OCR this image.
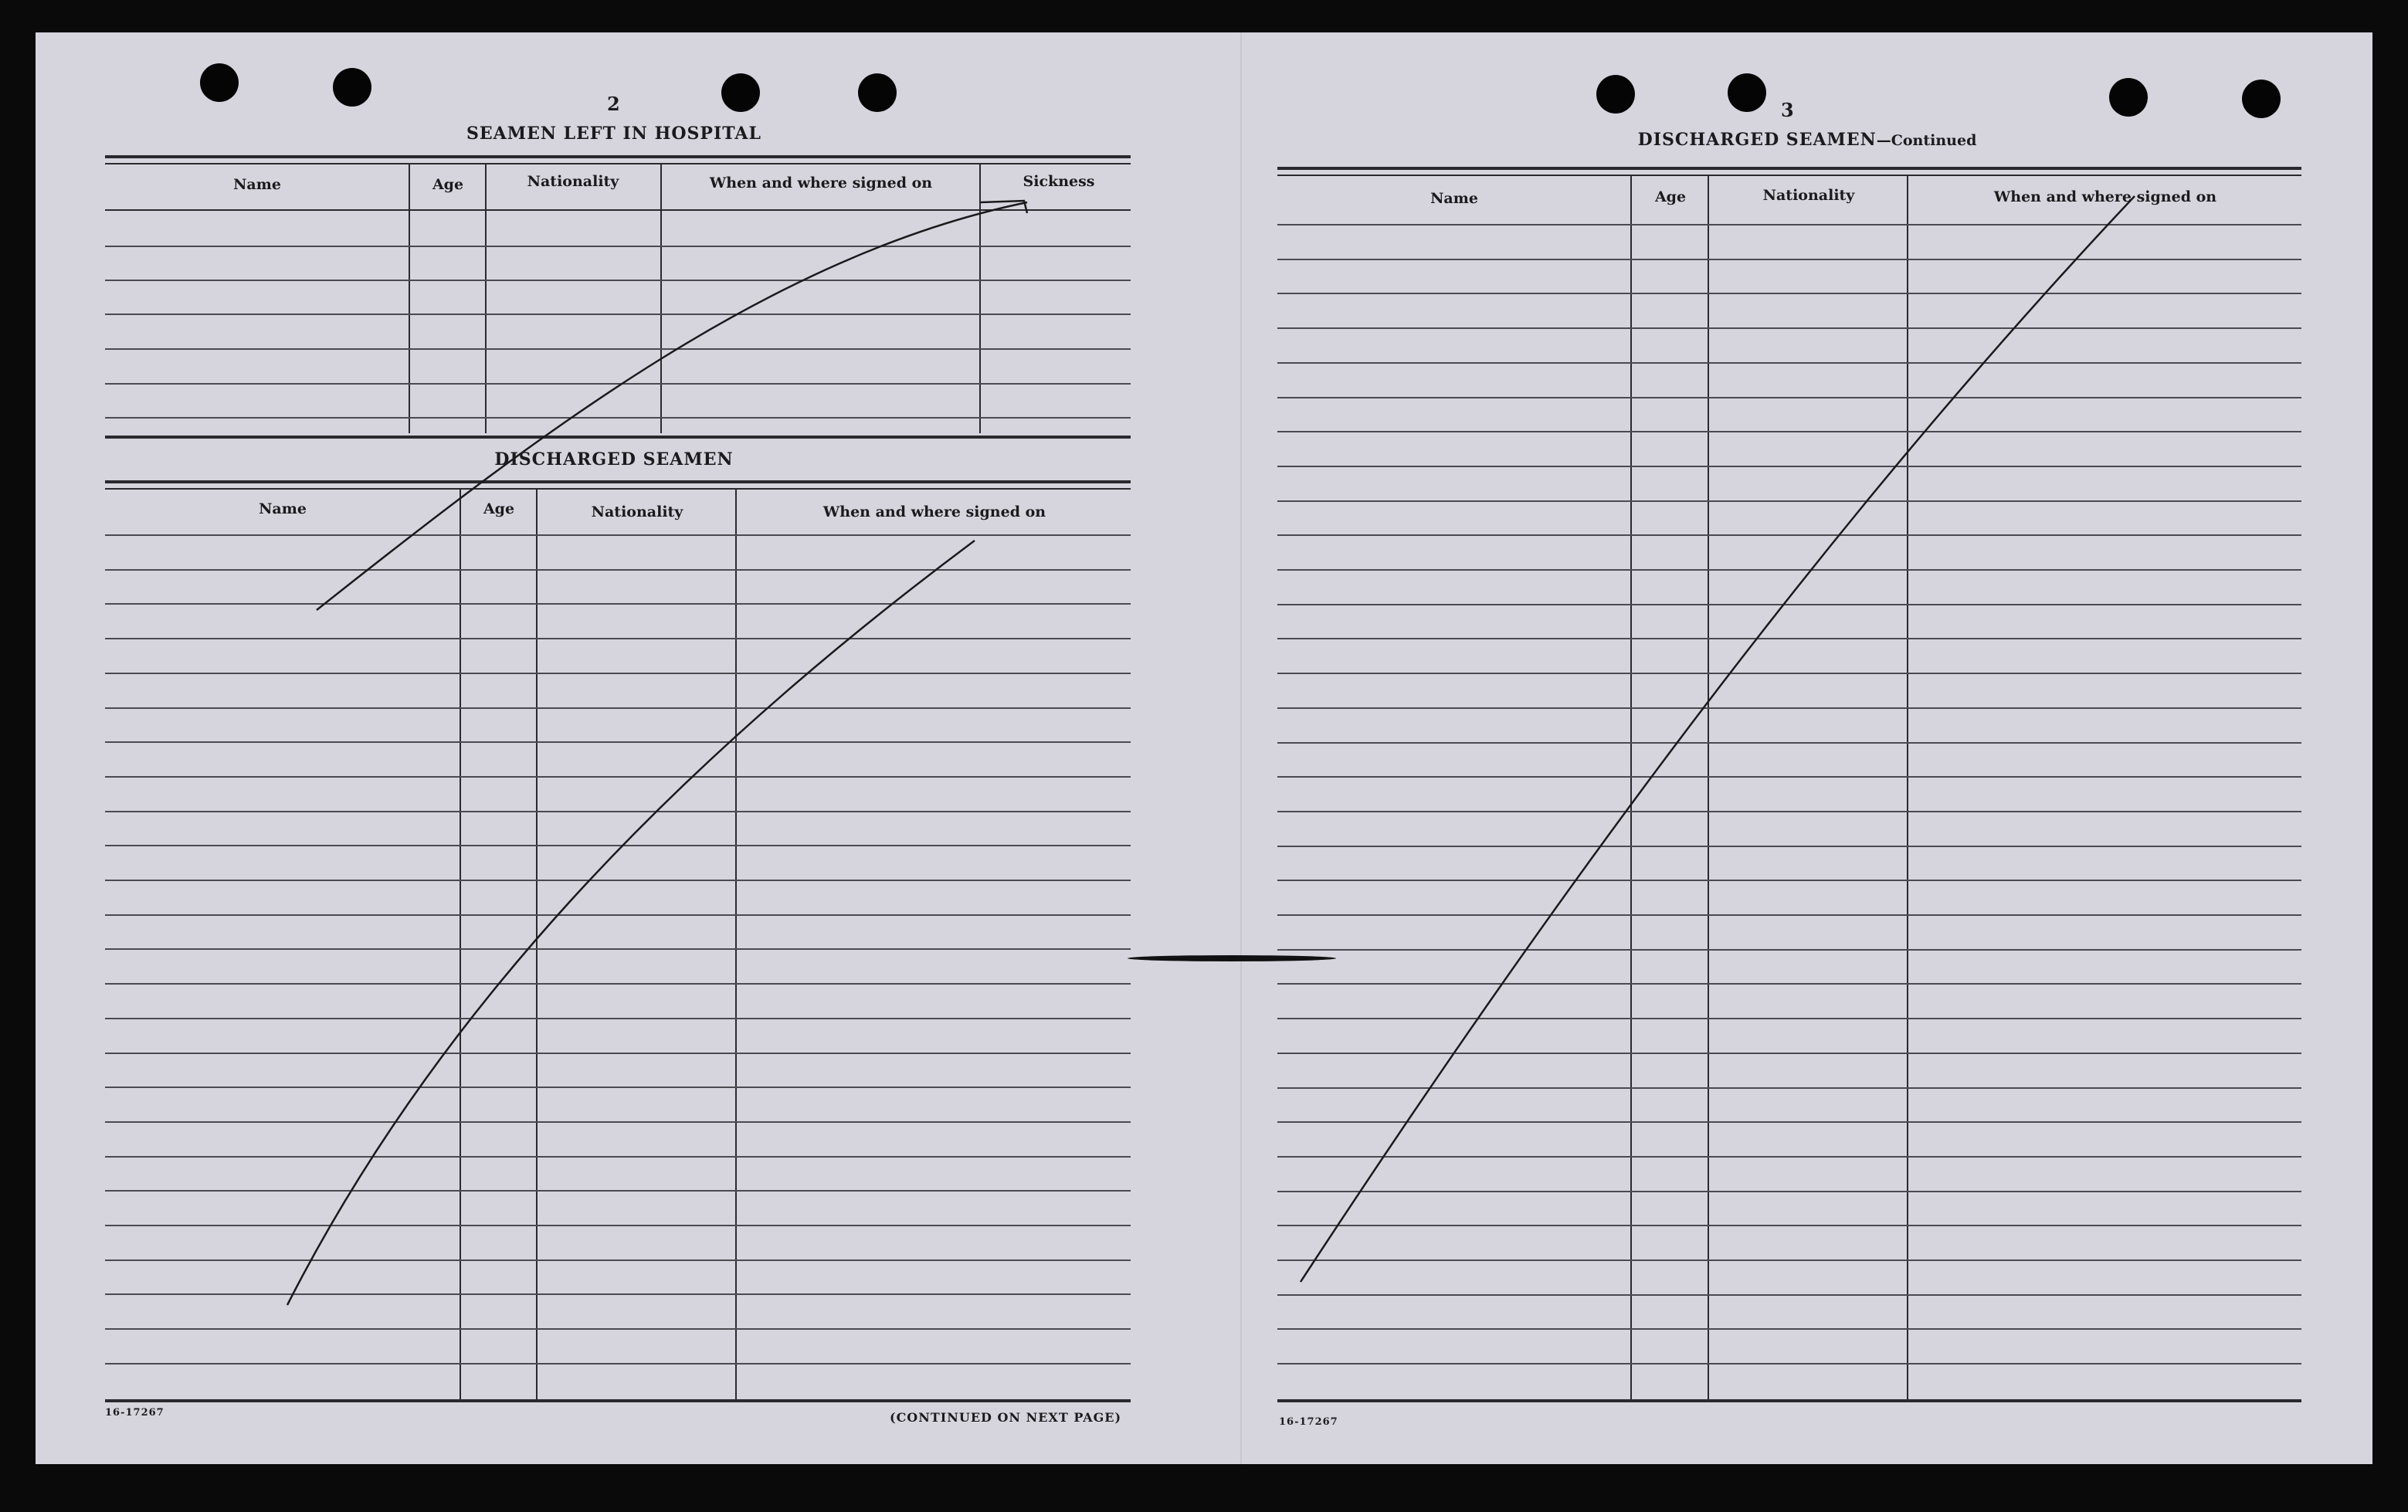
2
SEAMEN LEFT IN HOSPITAL
Name	Age	Nationality	When and where signed on	Sickness
DISCHARGED SEAMEN
Name	Age	Nationality	When and where signed on
16-17267	(CONTINUED ON NEXT PAGE)
3
DISCHARGED SEAMEN—Continued
Name	Age	Nationality	When and where signed on
16-17267
